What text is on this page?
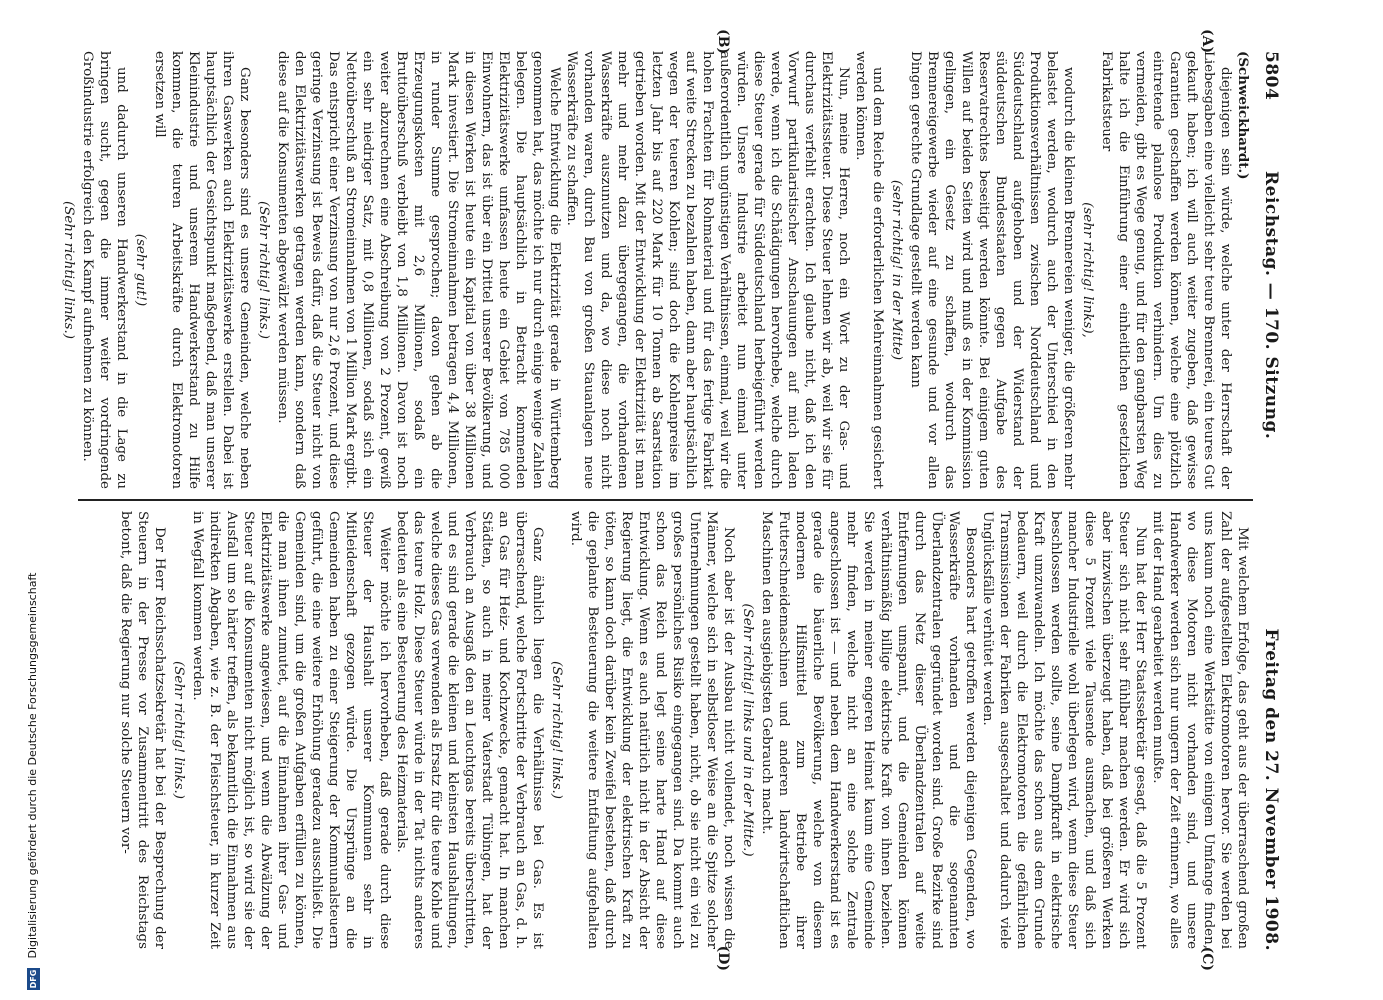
5804
Reichstag. — 170. Sitzung.
Freitag den 27. November 1908.
(A)
(B)

(Schweickhardt.)

diejenigen sein würde, welche unter der Herrschaft der Liebesgaben eine vielleicht sehr teure Brennerei, ein teures Gut gekauft haben; ich will auch weiter zugeben, daß gewisse Garantien geschaffen werden können, welche eine plötzlich eintretende planlose Produktion verhindern. Um dies zu vermeiden, gibt es Wege genug, und für den gangbarsten Weg halte ich die Einführung einer einheitlichen gesetzlichen Fabrikatsteuer

(sehr richtig! links),

wodurch die kleinen Brennereien weniger, die größeren mehr belastet werden, wodurch auch der Unterschied in den Produktionsverhältnissen zwischen Norddeutschland und Süddeutschland aufgehoben und der Widerstand der süddeutschen Bundesstaaten gegen Aufgabe des Reservatrechtes beseitigt werden könnte. Bei einigem guten Willen auf beiden Seiten wird und muß es in der Kommission gelingen, ein Gesetz zu schaffen, wodurch das Brennereigewerbe wieder auf eine gesunde und vor allen Dingen gerechte Grundlage gestellt werden kann

(sehr richtig! in der Mitte)

und dem Reiche die erforderlichen Mehreinnahmen gesichert werden können.

Nun, meine Herren, noch ein Wort zu der Gas- und Elektrizitätssteuer. Diese Steuer lehnen wir ab, weil wir sie für durchaus verfehlt erachten. Ich glaube nicht, daß ich den Vorwurf partikularistischer Anschauungen auf mich laden werde, wenn ich die Schädigungen hervorhebe, welche durch diese Steuer gerade für Süddeutschland herbeigeführt werden würden. Unsere Industrie arbeitet nun einmal unter außerordentlich ungünstigen Verhältnissen, einmal, weil wir die hohen Frachten für Rohmaterial und für das fertige Fabrikat auf weite Strecken zu bezahlen haben, dann aber hauptsächlich wegen der teueren Kohlen; sind doch die Kohlenpreise im letzten Jahr bis auf 220 Mark für 10 Tonnen ab Saarstation getrieben worden. Mit der Entwicklung der Elektrizität ist man mehr und mehr dazu übergegangen, die vorhandenen Wasserkräfte auszunutzen und da, wo diese noch nicht vorhanden waren, durch Bau von großen Stauanlagen neue Wasserkräfte zu schaffen.

Welche Entwicklung die Elektrizität gerade in Württemberg genommen hat, das möchte ich nur durch einige wenige Zahlen belegen. Die hauptsächlich in Betracht kommenden Elektrizitätswerke umfassen heute ein Gebiet von 785 000 Einwohnern, das ist über ein Drittel unserer Bevölkerung, und in diesen Werken ist heute ein Kapital von über 38 Millionen Mark investiert. Die Stromeinnahmen betragen 4,4 Millionen, in runder Summe gesprochen; davon gehen ab die Erzeugungskosten mit 2,6 Millionen, sodaß ein Bruttoüberschuß verbleibt von 1,8 Millionen. Davon ist noch weiter abzurechnen eine Abschreibung von 2 Prozent, gewiß ein sehr niedriger Satz, mit 0,8 Millionen, sodaß sich ein Nettoüberschuß an Stromeinnahmen von 1 Million Mark ergibt. Das entspricht einer Verzinsung von nur 2,6 Prozent, und diese geringe Verzinsung ist Beweis dafür, daß die Steuer nicht von den Elektrizitätswerken getragen werden kann, sondern daß diese auf die Konsumenten abgewälzt werden müssen.

(Sehr richtig! links.)

Ganz besonders sind es unsere Gemeinden, welche neben ihren Gaswerken auch Elektrizitätswerke erstellen. Dabei ist hauptsächlich der Gesichtspunkt maßgebend, daß man unserer Kleinindustrie und unserem Handwerkerstand zu Hilfe kommen, die teuren Arbeitskräfte durch Elektromotoren ersetzen will

(sehr gut!)

und dadurch unseren Handwerkerstand in die Lage zu bringen sucht, gegen die immer weiter vordringende Großindustrie erfolgreich den Kampf aufnehmen zu können.

(Sehr richtig! links.)

(C)
(D)

Mit welchem Erfolge, das geht aus der überraschend großen Zahl der aufgestellten Elektromotoren hervor. Sie werden bei uns kaum noch eine Werkstätte von einigem Umfange finden, wo diese Motoren nicht vorhanden sind, und unsere Handwerker werden sich nur ungern der Zeit erinnern, wo alles mit der Hand gearbeitet werden mußte.

Nun hat der Herr Staatssekretär gesagt, daß die 5 Prozent Steuer sich nicht sehr fühlbar machen werden. Er wird sich aber inzwischen überzeugt haben, daß bei größeren Werken diese 5 Prozent viele Tausende ausmachen, und daß sich mancher Industrielle wohl überlegen wird, wenn diese Steuer beschlossen werden sollte, seine Dampfkraft in elektrische Kraft umzuwandeln. Ich möchte das schon aus dem Grunde bedauern, weil durch die Elektromotoren die gefährlichen Transmissionen der Fabriken ausgeschaltet und dadurch viele Unglücksfälle verhütet werden.

Besonders hart getroffen werden diejenigen Gegenden, wo Wasserkräfte vorhanden und die sogenannten Überlandzentralen gegründet worden sind. Große Bezirke sind durch das Netz dieser Überlandzentralen auf weite Entfernungen umspannt, und die Gemeinden können verhältnismäßig billige elektrische Kraft von ihnen beziehen. Sie werden in meiner engeren Heimat kaum eine Gemeinde mehr finden, welche nicht an eine solche Zentrale angeschlossen ist — und neben dem Handwerkerstand ist es gerade die bäuerliche Bevölkerung, welche von diesem modernen Hilfsmittel zum Betriebe ihrer Futterschneidemaschinen und anderen landwirtschaftlichen Maschinen den ausgiebigsten Gebrauch macht.

(Sehr richtig! links und in der Mitte.)

Noch aber ist der Ausbau nicht vollendet, noch wissen die Männer, welche sich in selbstloser Weise an die Spitze solcher Unternehmungen gestellt haben, nicht, ob sie nicht ein viel zu großes persönliches Risiko eingegangen sind. Da kommt auch schon das Reich und legt seine harte Hand auf diese Entwicklung. Wenn es auch natürlich nicht in der Absicht der Regierung liegt, die Entwicklung der elektrischen Kraft zu töten, so kann doch darüber kein Zweifel bestehen, daß durch die geplante Besteuerung die weitere Entfaltung aufgehalten wird.

(Sehr richtig! links.)

Ganz ähnlich liegen die Verhältnisse bei Gas. Es ist überraschend, welche Fortschritte der Verbrauch an Gas, d. h. an Gas für Heiz- und Kochzwecke, gemacht hat. In manchen Städten, so auch in meiner Vaterstadt Tübingen, hat der Verbrauch an Ausgaß den an Leuchtgas bereits überschritten, und es sind gerade die kleinen und kleinsten Haushaltungen, welche dieses Gas verwenden als Ersatz für die teure Kohle und das teure Holz. Diese Steuer würde in der Tat nichts anderes bedeuten als eine Besteuerung des Heizmaterials.

Weiter möchte ich hervorheben, daß gerade durch diese Steuer der Haushalt unserer Kommunen sehr in Mitleidenschaft gezogen würde. Die Ursprünge an die Gemeinden haben zu einer Steigerung der Kommunalsteuern geführt, die eine weitere Erhöhung geradezu ausschließt. Die Gemeinden sind, um die großen Aufgaben erfüllen zu können, die man ihnen zumutet, auf die Einnahmen ihrer Gas- und Elektrizitätswerke angewiesen, und wenn die Abwälzung der Steuer auf die Konsumenten nicht möglich ist, so wird sie der Ausfall um so härter treffen, als bekanntlich die Einnahmen aus indirekten Abgaben, wie z. B. der Fleischsteuer, in kurzer Zeit in Wegfall kommen werden.

(Sehr richtig! links.)

Der Herr Reichsschatzsekretär hat bei der Besprechung der Steuern in der Presse vor Zusammentritt des Reichstags betont, daß die Regierung nur solche Steuern vor-

DFG Digitalisierung gefördert durch die Deutsche Forschungsgemeinschaft
